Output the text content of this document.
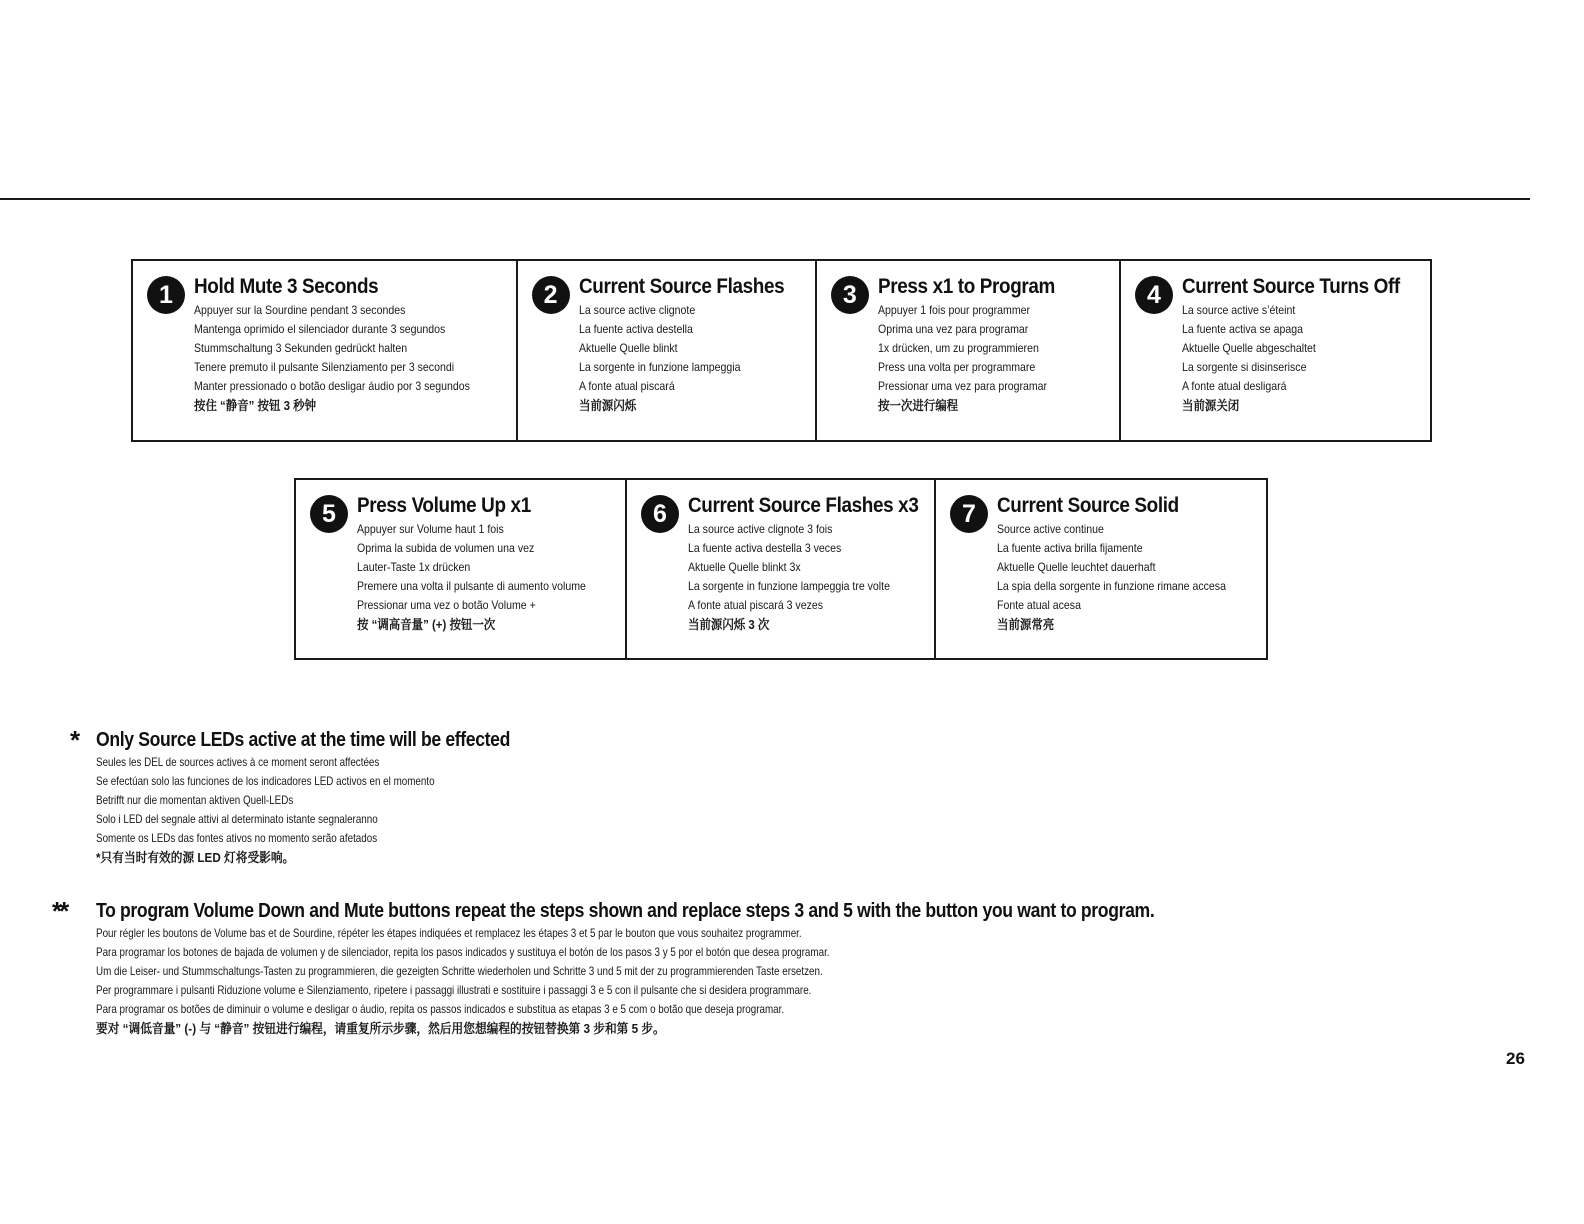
1	Hold Mute 3 Seconds
Appuyer sur la Sourdine pendant 3 secondes
Mantenga oprimido el silenciador durante 3 segundos
Stummschaltung 3 Sekunden gedrückt halten
Tenere premuto il pulsante Silenziamento per 3 secondi
Manter pressionado o botão desligar áudio por 3 segundos
按住 “静音” 按钮 3 秒钟
2	Current Source Flashes
La source active clignote
La fuente activa destella
Aktuelle Quelle blinkt
La sorgente in funzione lampeggia
A fonte atual piscará
当前源闪烁
3	Press x1 to Program
Appuyer 1 fois pour programmer
Oprima una vez para programar
1x drücken, um zu programmieren
Press una volta per programmare
Pressionar uma vez para programar
按一次进行编程
4	Current Source Turns Off
La source active s’éteint
La fuente activa se apaga
Aktuelle Quelle abgeschaltet
La sorgente si disinserisce
A fonte atual desligará
当前源关闭
5	Press Volume Up x1
Appuyer sur Volume haut 1 fois
Oprima la subida de volumen una vez
Lauter-Taste 1x drücken
Premere una volta il pulsante di aumento volume
Pressionar uma vez o botão Volume +
按 “调高音量” (+) 按钮一次
6	Current Source Flashes x3
La source active clignote 3 fois
La fuente activa destella 3 veces
Aktuelle Quelle blinkt 3x
La sorgente in funzione lampeggia tre volte
A fonte atual piscará 3 vezes
当前源闪烁 3 次
7	Current Source Solid
Source active continue
La fuente activa brilla fijamente
Aktuelle Quelle leuchtet dauerhaft
La spia della sorgente in funzione rimane accesa
Fonte atual acesa
当前源常亮
* Only Source LEDs active at the time will be effected
Seules les DEL de sources actives à ce moment seront affectées
Se efectúan solo las funciones de los indicadores LED activos en el momento
Betrifft nur die momentan aktiven Quell-LEDs
Solo i LED del segnale attivi al determinato istante segnaleranno
Somente os LEDs das fontes ativos no momento serão afetados
*只有当时有效的源 LED 灯将受影响。
**	To program Volume Down and Mute buttons repeat the steps shown and replace steps 3 and 5 with the button you want to program.
Pour régler les boutons de Volume bas et de Sourdine, répéter les étapes indiquées et remplacez les étapes 3 et 5 par le bouton que vous souhaitez programmer.
Para programar los botones de bajada de volumen y de silenciador, repita los pasos indicados y sustituya el botón de los pasos 3 y 5 por el botón que desea programar.
Um die Leiser- und Stummschaltungs-Tasten zu programmieren, die gezeigten Schritte wiederholen und Schritte 3 und 5 mit der zu programmierenden Taste ersetzen.
Per programmare i pulsanti Riduzione volume e Silenziamento, ripetere i passaggi illustrati e sostituire i passaggi 3 e 5 con il pulsante che si desidera programmare.
Para programar os botões de diminuir o volume e desligar o áudio, repita os passos indicados e substitua as etapas 3 e 5 com o botão que deseja programar.
要对 “调低音量” (-) 与 “静音” 按钮进行编程，请重复所示步骤，然后用您想编程的按钮替换第 3 步和第 5 步。
26
